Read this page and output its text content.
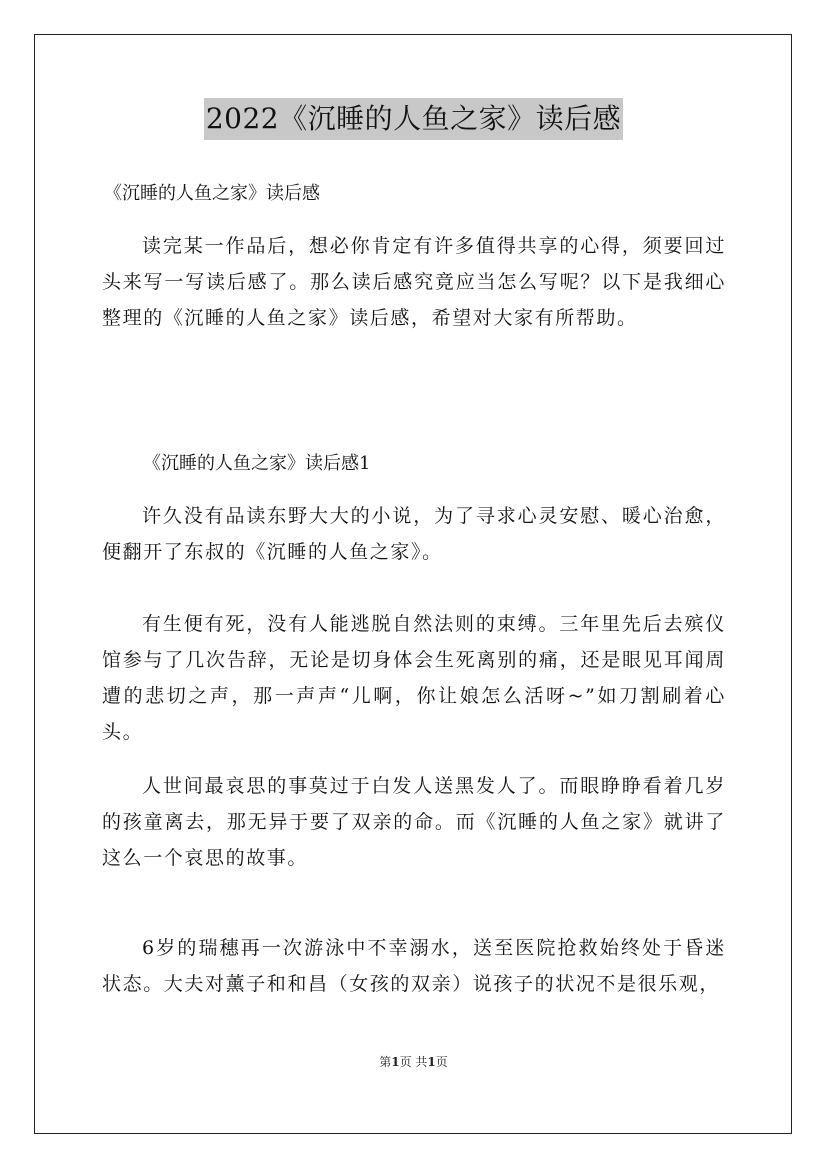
2022《沉睡的人鱼之家》读后感
《沉睡的人鱼之家》读后感

读完某一作品后，想必你肯定有许多值得共享的心得，须要回过头来写一写读后感了。那么读后感究竟应当怎么写呢？以下是我细心整理的《沉睡的人鱼之家》读后感，希望对大家有所帮助。

《沉睡的人鱼之家》读后感1

许久没有品读东野大大的小说，为了寻求心灵安慰、暖心治愈，便翻开了东叔的《沉睡的人鱼之家》。

有生便有死，没有人能逃脱自然法则的束缚。三年里先后去殡仪馆参与了几次告辞，无论是切身体会生死离别的痛，还是眼见耳闻周遭的悲切之声，那一声声“儿啊，你让娘怎么活呀~”如刀割刷着心头。

人世间最哀思的事莫过于白发人送黑发人了。而眼睁睁看着几岁的孩童离去，那无异于要了双亲的命。而《沉睡的人鱼之家》就讲了这么一个哀思的故事。

6岁的瑞穗再一次游泳中不幸溺水，送至医院抢救始终处于昏迷状态。大夫对薰子和和昌（女孩的双亲）说孩子的状况不是很乐观，

第1页 共1页
